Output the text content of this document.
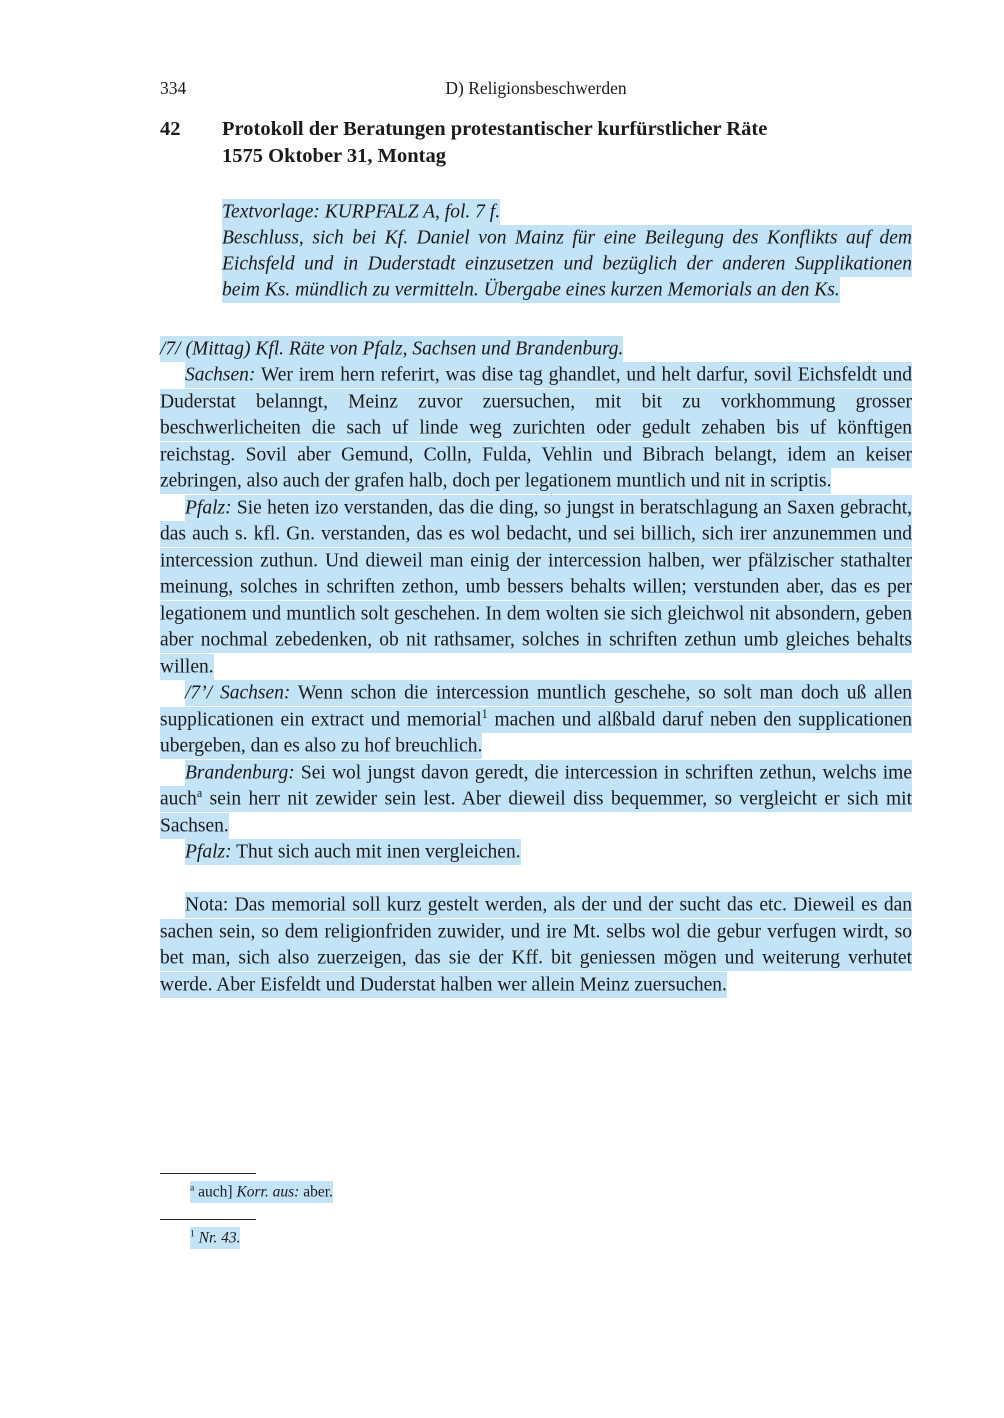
334	D) Religionsbeschwerden
42	Protokoll der Beratungen protestantischer kurfürstlicher Räte
1575 Oktober 31, Montag

Textvorlage: KURPFALZ A, fol. 7 f.

Beschluss, sich bei Kf. Daniel von Mainz für eine Beilegung des Konflikts auf dem Eichsfeld und in Duderstadt einzusetzen und bezüglich der anderen Supplikationen beim Ks. mündlich zu vermitteln. Übergabe eines kurzen Memorials an den Ks.

/7/ (Mittag) Kfl. Räte von Pfalz, Sachsen und Brandenburg.

Sachsen: Wer irem hern referirt, was dise tag ghandlet, und helt darfur, sovil Eichsfeldt und Duderstat belanngt, Meinz zuvor zuersuchen, mit bit zu vorkhommung grosser beschwerlicheiten die sach uf linde weg zurichten oder gedult zehaben bis uf könftigen reichstag. Sovil aber Gemund, Colln, Fulda, Vehlin und Bibrach belangt, idem an keiser zebringen, also auch der grafen halb, doch per legationem muntlich und nit in scriptis.

Pfalz: Sie heten izo verstanden, das die ding, so jungst in beratschlagung an Saxen gebracht, das auch s. kfl. Gn. verstanden, das es wol bedacht, und sei billich, sich irer anzunemmen und intercession zuthun. Und dieweil man einig der intercession halben, wer pfälzischer stathalter meinung, solches in schriften zethon, umb bessers behalts willen; verstunden aber, das es per legationem und muntlich solt geschehen. In dem wolten sie sich gleichwol nit absondern, geben aber nochmal zebedenken, ob nit rathsamer, solches in schriften zethun umb gleiches behalts willen.

/7’/ Sachsen: Wenn schon die intercession muntlich geschehe, so solt man doch uß allen supplicationen ein extract und memorial$^1$ machen und alßbald daruf neben den supplicationen ubergeben, dan es also zu hof breuchlich.

Brandenburg: Sei wol jungst davon geredt, die intercession in schriften zethun, welchs ime auch$^a$ sein herr nit zewider sein lest. Aber dieweil diss bequemmer, so vergleicht er sich mit Sachsen.

Pfalz: Thut sich auch mit inen vergleichen.

Nota: Das memorial soll kurz gestelt werden, als der und der sucht das etc. Dieweil es dan sachen sein, so dem religionfriden zuwider, und ire Mt. selbs wol die gebur verfugen wirdt, so bet man, sich also zuerzeigen, das sie der Kff. bit geniessen mögen und weiterung verhutet werde. Aber Eisfeldt und Duderstat halben wer allein Meinz zuersuchen.

$^a$ auch] Korr. aus: aber.

$^1$ Nr. 43.
